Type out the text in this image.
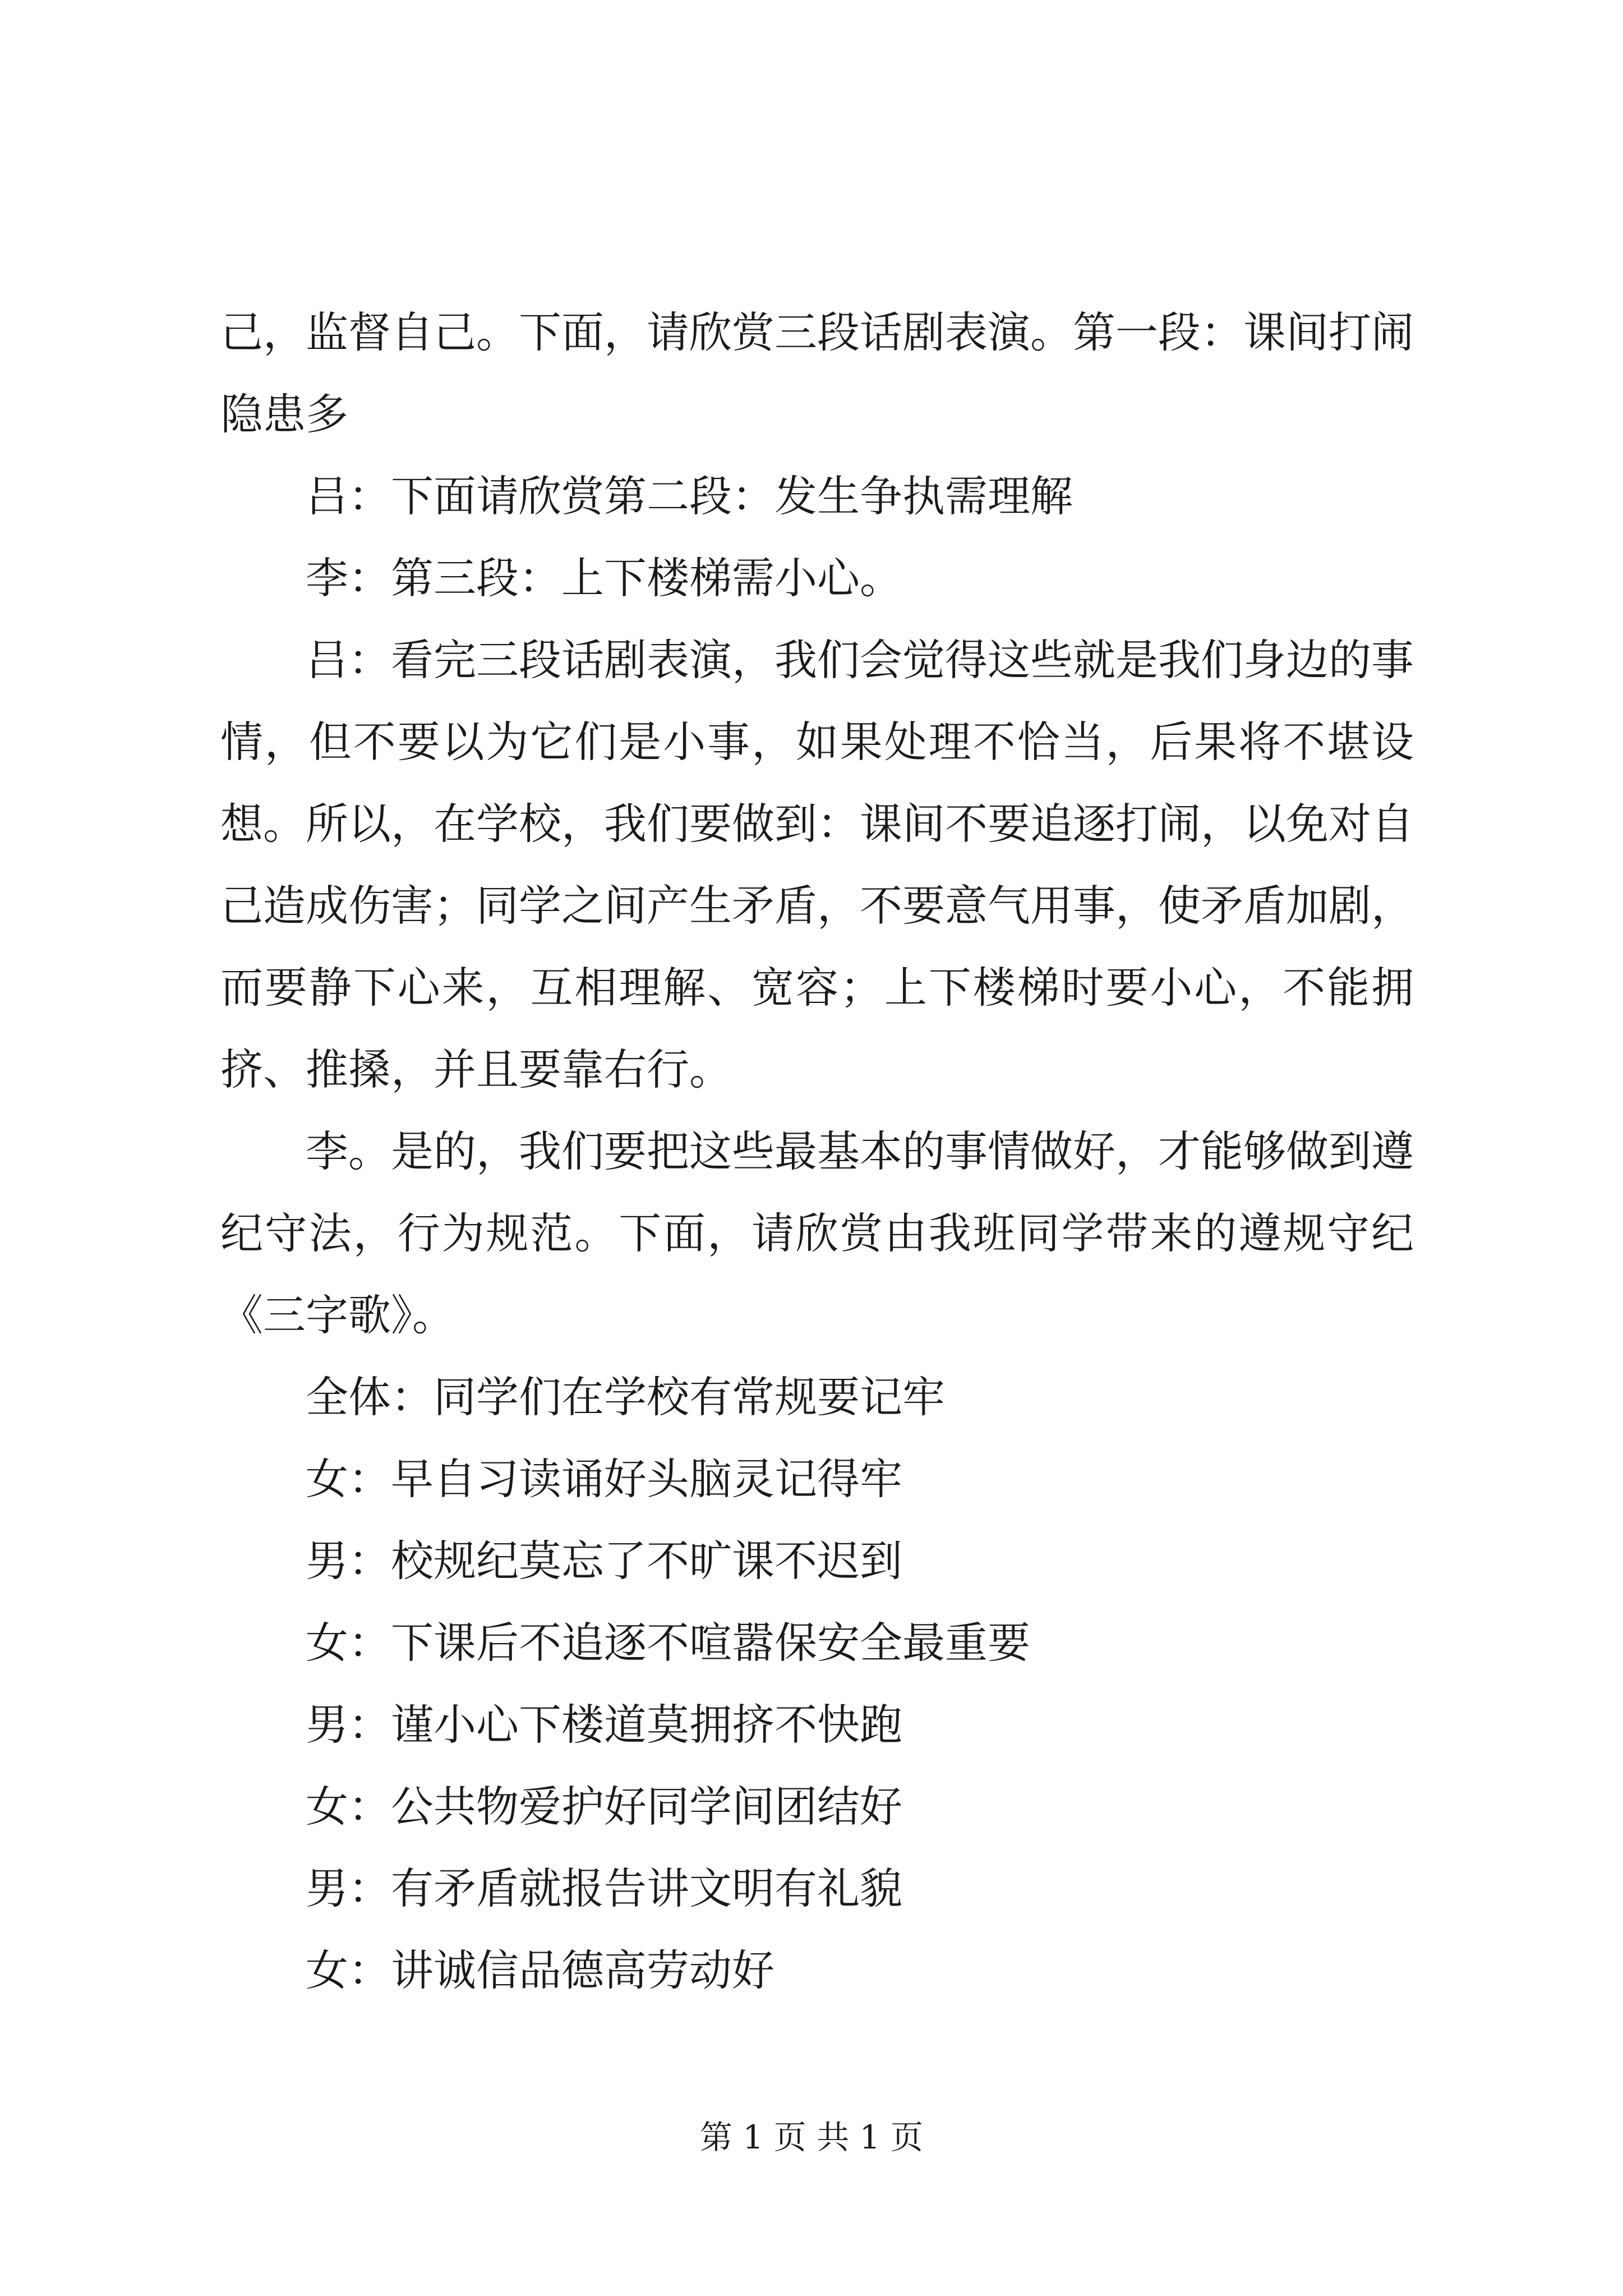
己，监督自己。下面，请欣赏三段话剧表演。第一段：课间打闹隐患多

吕：下面请欣赏第二段：发生争执需理解

李：第三段：上下楼梯需小心。

吕：看完三段话剧表演，我们会觉得这些就是我们身边的事情，但不要以为它们是小事，如果处理不恰当，后果将不堪设想。所以，在学校，我们要做到：课间不要追逐打闹，以免对自己造成伤害；同学之间产生矛盾，不要意气用事，使矛盾加剧，而要静下心来，互相理解、宽容；上下楼梯时要小心，不能拥挤、推搡，并且要靠右行。

李。是的，我们要把这些最基本的事情做好，才能够做到遵纪守法，行为规范。下面，请欣赏由我班同学带来的遵规守纪《三字歌》。

全体：同学们在学校有常规要记牢

女：早自习读诵好头脑灵记得牢

男：校规纪莫忘了不旷课不迟到

女：下课后不追逐不喧嚣保安全最重要

男：谨小心下楼道莫拥挤不快跑

女：公共物爱护好同学间团结好

男：有矛盾就报告讲文明有礼貌

女：讲诚信品德高劳动好

第 1 页 共 1 页
